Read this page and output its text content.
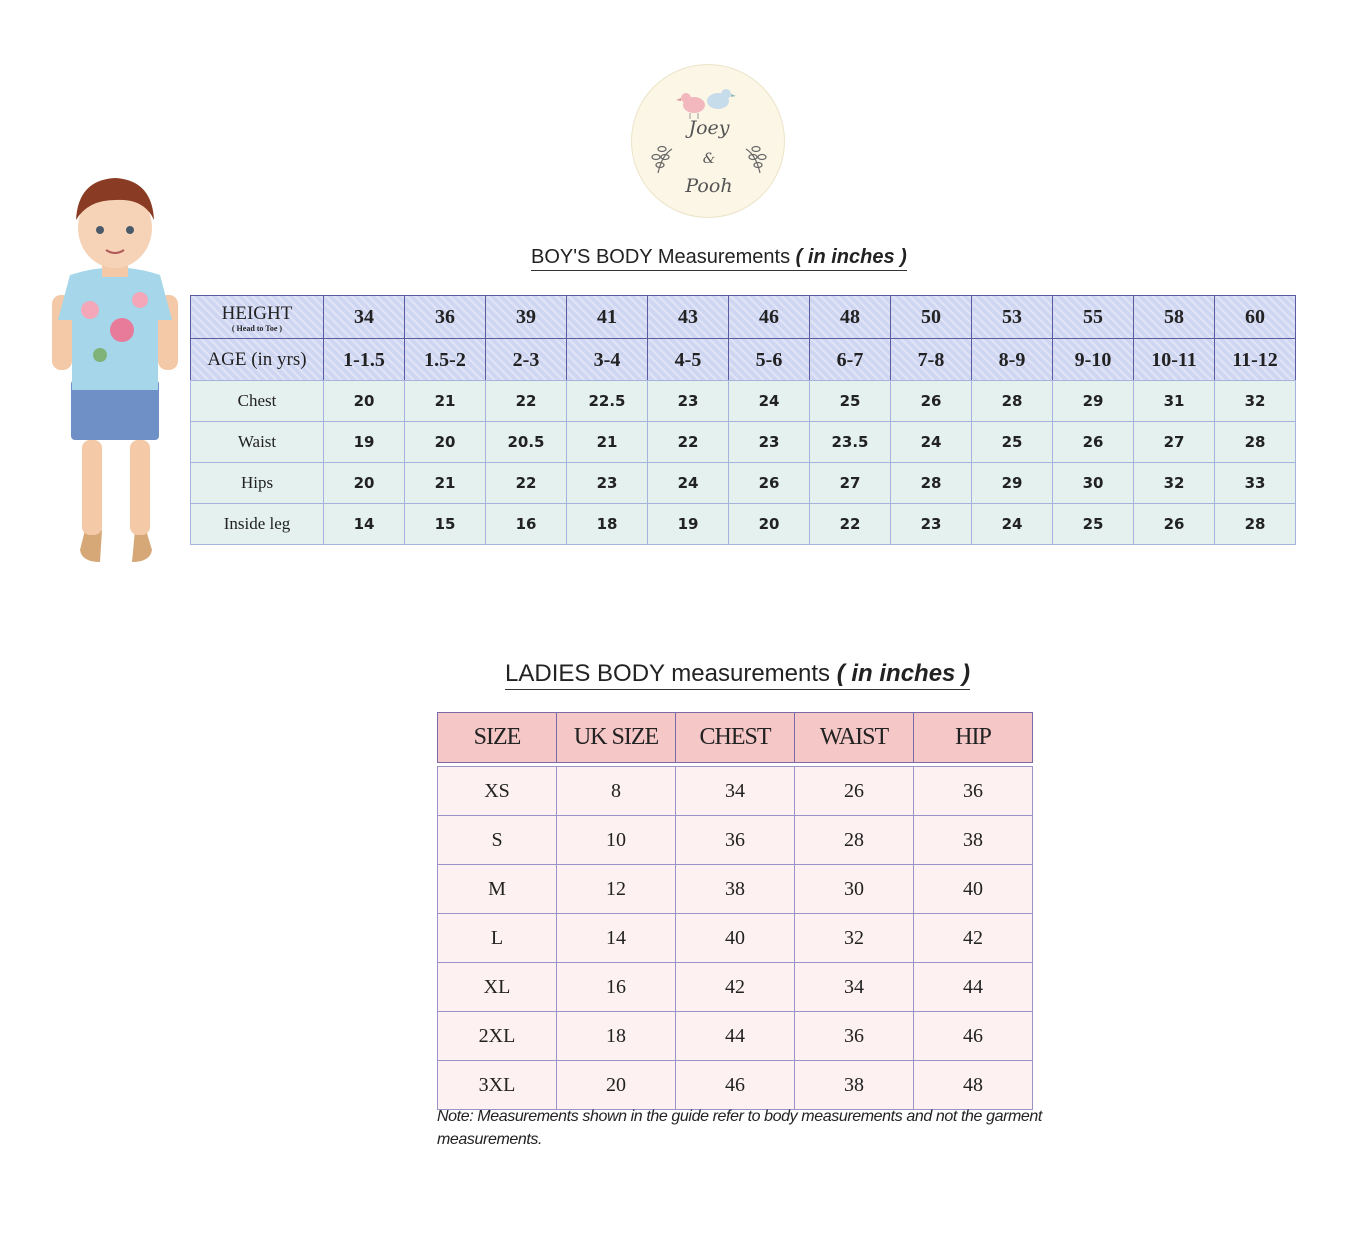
Joey
&
Pooh
BOY'S BODY Measurements ( in inches )
HEIGHT
( Head to Toe )	34	36	39	41	43	46	48	50	53	55	58	60
AGE (in yrs)	1-1.5	1.5-2	2-3	3-4	4-5	5-6	6-7	7-8	8-9	9-10	10-11	11-12
Chest	20	21	22	22.5	23	24	25	26	28	29	31	32
Waist	19	20	20.5	21	22	23	23.5	24	25	26	27	28
Hips	20	21	22	23	24	26	27	28	29	30	32	33
Inside leg	14	15	16	18	19	20	22	23	24	25	26	28
LADIES BODY measurements ( in inches )
SIZE	UK SIZE	CHEST	WAIST	HIP

XS	8	34	26	36
S	10	36	28	38
M	12	38	30	40
L	14	40	32	42
XL	16	42	34	44
2XL	18	44	36	46
3XL	20	46	38	48
Note: Measurements shown in the guide refer to body measurements and not the garment measurements.
